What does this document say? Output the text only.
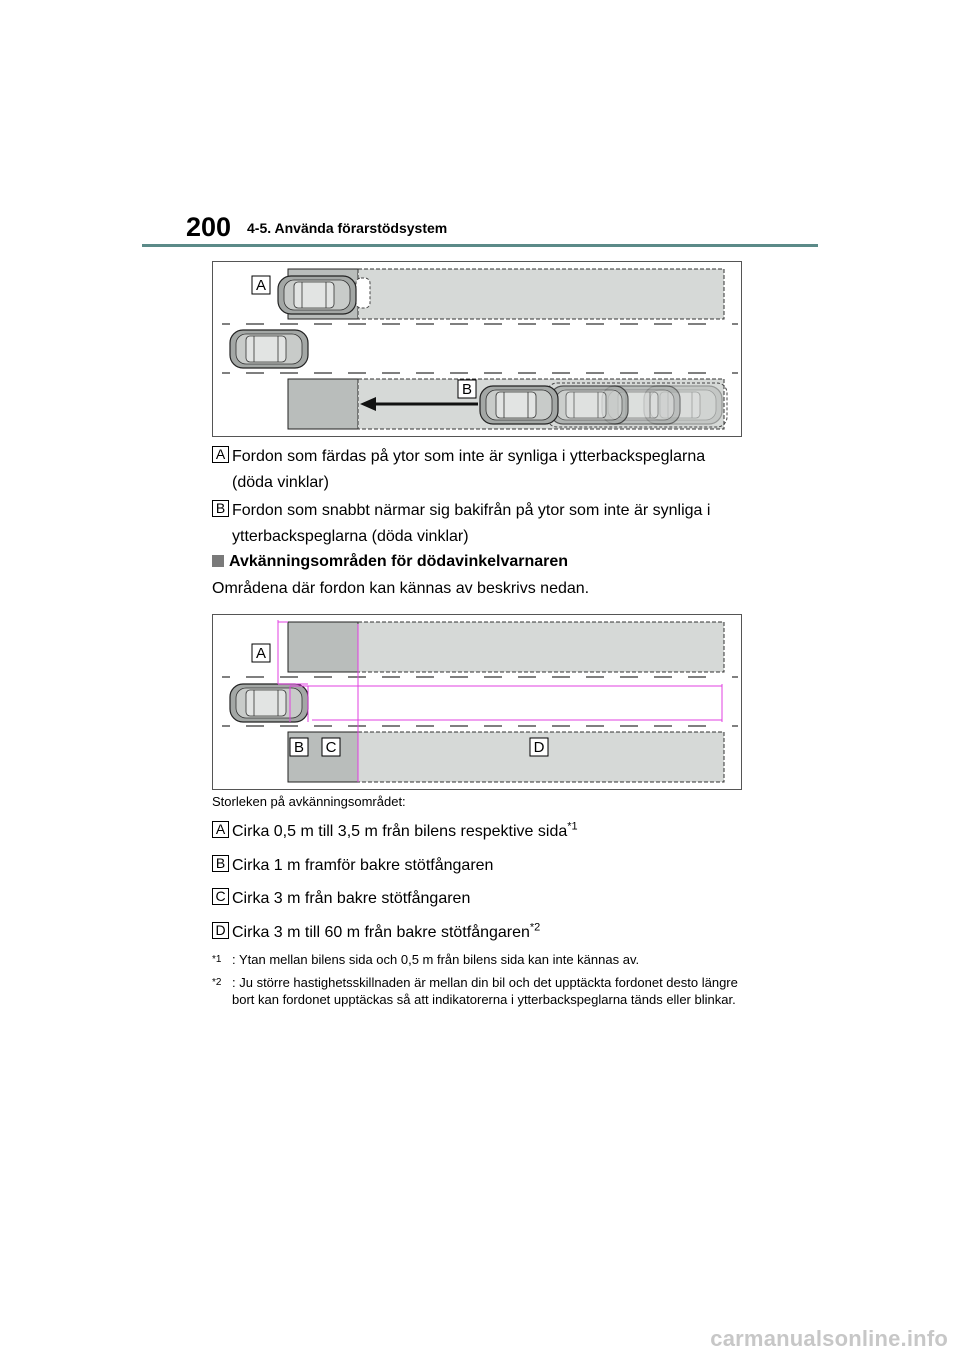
200 4-5. Använda förarstödsystem
A
B
A Fordon som färdas på ytor som inte är synliga i ytterbackspeglarna
(döda vinklar)
B Fordon som snabbt närmar sig bakifrån på ytor som inte är synliga i
ytterbackspeglarna (döda vinklar)
Avkänningsområden för dödavinkelvarnaren
Områdena där fordon kan kännas av beskrivs nedan.
A
B C	D
Storleken på avkänningsområdet:
A Cirka 0,5 m till 3,5 m från bilens respektive sida$^{*1}$
B Cirka 1 m framför bakre stötfångaren
C Cirka 3 m från bakre stötfångaren
D Cirka 3 m till 60 m från bakre stötfångaren$^{*2}$
$^{*1}$ : Ytan mellan bilens sida och 0,5 m från bilens sida kan inte kännas av.
$^{*2}$ : Ju större hastighetsskillnaden är mellan din bil och det upptäckta fordonet desto längre bort kan fordonet upptäckas så att indikatorerna i ytterbackspeglarna tänds eller blinkar.
carmanualsonline.info
